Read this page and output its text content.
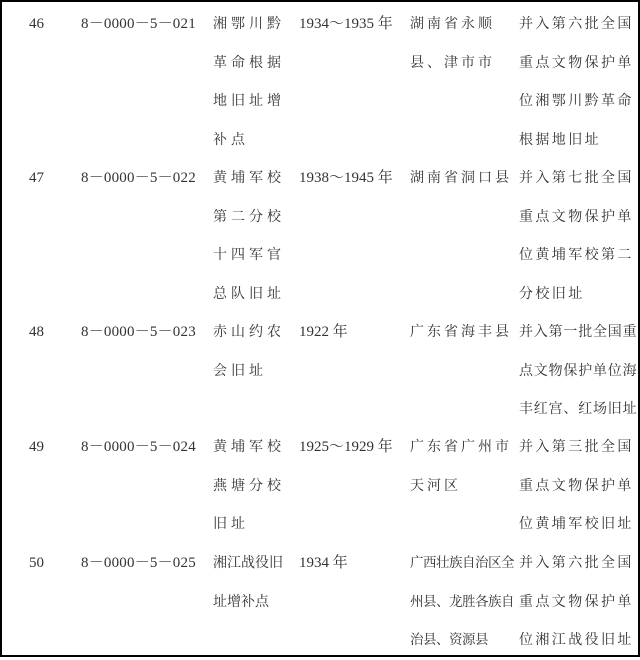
46 8－0000－5－021 湘鄂川黔
革命根据
地旧址增
补点
1934～1935 年 湖南省永顺
县、津市市
并入第六批全国
重点文物保护单
位湘鄂川黔革命
根据地旧址
47 8－0000－5－022 黄埔军校
第二分校
十四军官
总队旧址
1938～1945 年 湖南省洞口县 并入第七批全国
重点文物保护单
位黄埔军校第二
分校旧址
48 8－0000－5－023 赤山约农
会旧址
1922 年	广东省海丰县 并入第一批全国重
点文物保护单位海
丰红宫、红场旧址
49 8－0000－5－024 黄埔军校
燕塘分校
旧址
1925～1929 年 广东省广州市
天河区
并入第三批全国
重点文物保护单
位黄埔军校旧址
50 8－0000－5－025 湘江战役旧
址增补点
1934 年	广西壮族自治区全
州县、龙胜各族自
治县、资源县
并入第六批全国
重点文物保护单
位湘江战役旧址
